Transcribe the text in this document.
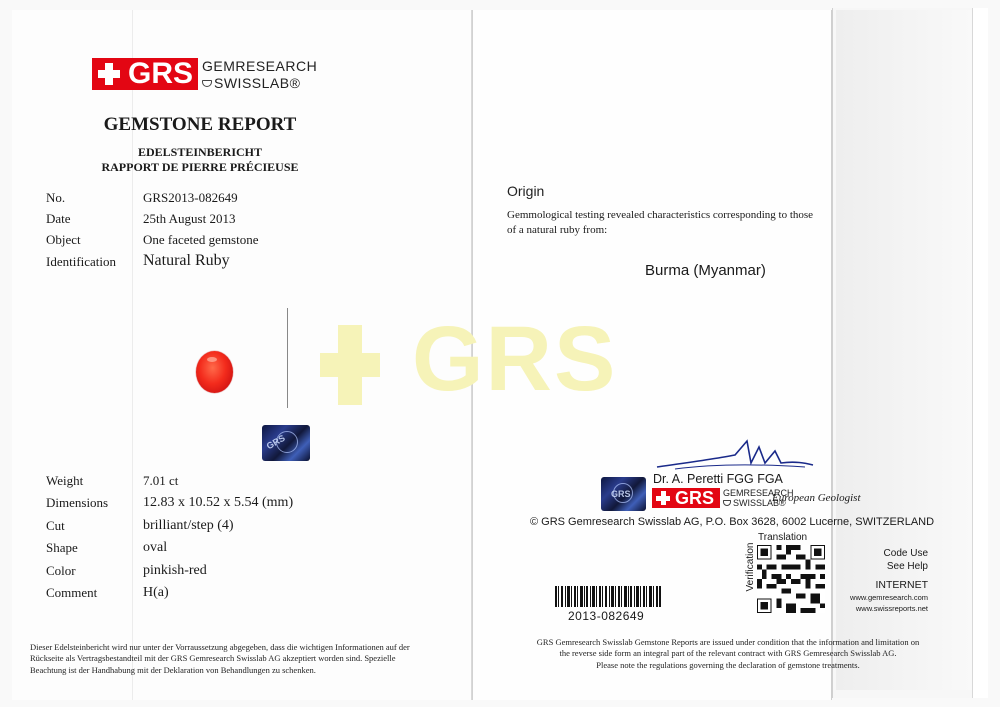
GRS
GRS GEMRESEARCH
SWISSLAB®
GEMSTONE REPORT
EDELSTEINBERICHT
RAPPORT DE PIERRE PRÉCIEUSE
No.	GRS2013-082649
Date	25th August 2013
Object	One faceted gemstone
Identification Natural Ruby
GRS
Weight	7.01 ct
Dimensions 12.83 x 10.52 x 5.54 (mm)
Cut	brilliant/step (4)
Shape	oval
Color	pinkish-red
Comment	H(a)
Dieser Edelsteinbericht wird nur unter der Vorraussetzung abgegeben, dass die wichtigen Informationen auf der
Rückseite als Vertragsbestandteil mit der GRS Gemresearch Swisslab AG akzeptiert worden sind. Spezielle
Beachtung ist der Handhabung mit der Deklaration von Behandlungen zu schenken.
Origin
Gemmological testing revealed characteristics corresponding to those
of a natural ruby from:
Burma (Myanmar)
Dr. A. Peretti FGG FGA
GRS GRS GEMRESEARCH
SWISSLAB®
European Geologist
© GRS Gemresearch Swisslab AG, P.O. Box 3628, 6002 Lucerne, SWITZERLAND
Translation
2013-082649
Verification	Code Use
See Help
INTERNET
www.gemresearch.com
www.swissreports.net
GRS Gemresearch Swisslab Gemstone Reports are issued under condition that the information and limitation on
the reverse side form an integral part of the relevant contract with GRS Gemresearch Swisslab AG.
Please note the regulations governing the declaration of gemstone treatments.
